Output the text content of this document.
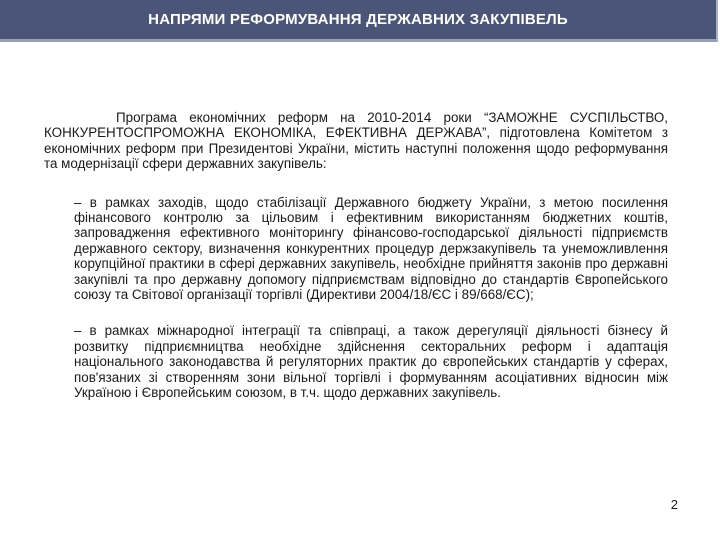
НАПРЯМИ РЕФОРМУВАННЯ ДЕРЖАВНИХ ЗАКУПІВЕЛЬ

Програма економічних реформ на 2010-2014 роки “ЗАМОЖНЕ СУСПІЛЬСТВО, КОНКУРЕНТОСПРОМОЖНА ЕКОНОМІКА, ЕФЕКТИВНА ДЕРЖАВА”, підготовлена Комітетом з економічних реформ при Президентові України, містить наступні положення щодо реформування та модернізації сфери державних закупівель:

– в рамках заходів, щодо стабілізації Державного бюджету України, з метою посилення фінансового контролю за цільовим і ефективним використанням бюджетних коштів, запровадження ефективного моніторингу фінансово-господарської діяльності підприємств державного сектору, визначення конкурентних процедур держзакупівель та унеможливлення корупційної практики в сфері державних закупівель, необхідне прийняття законів про державні закупівлі та про державну допомогу підприємствам відповідно до стандартів Європейського союзу та Світової організації торгівлі (Директиви 2004/18/ЄС і 89/668/ЄС);

– в рамках міжнародної інтеграції та співпраці, а також дерегуляції діяльності бізнесу й розвитку підприємництва необхідне здійснення секторальних реформ і адаптація національного законодавства й регуляторних практик до європейських стандартів у сферах, пов'язаних зі створенням зони вільної торгівлі і формуванням асоціативних відносин між Україною і Європейським союзом, в т.ч. щодо державних закупівель.

2
